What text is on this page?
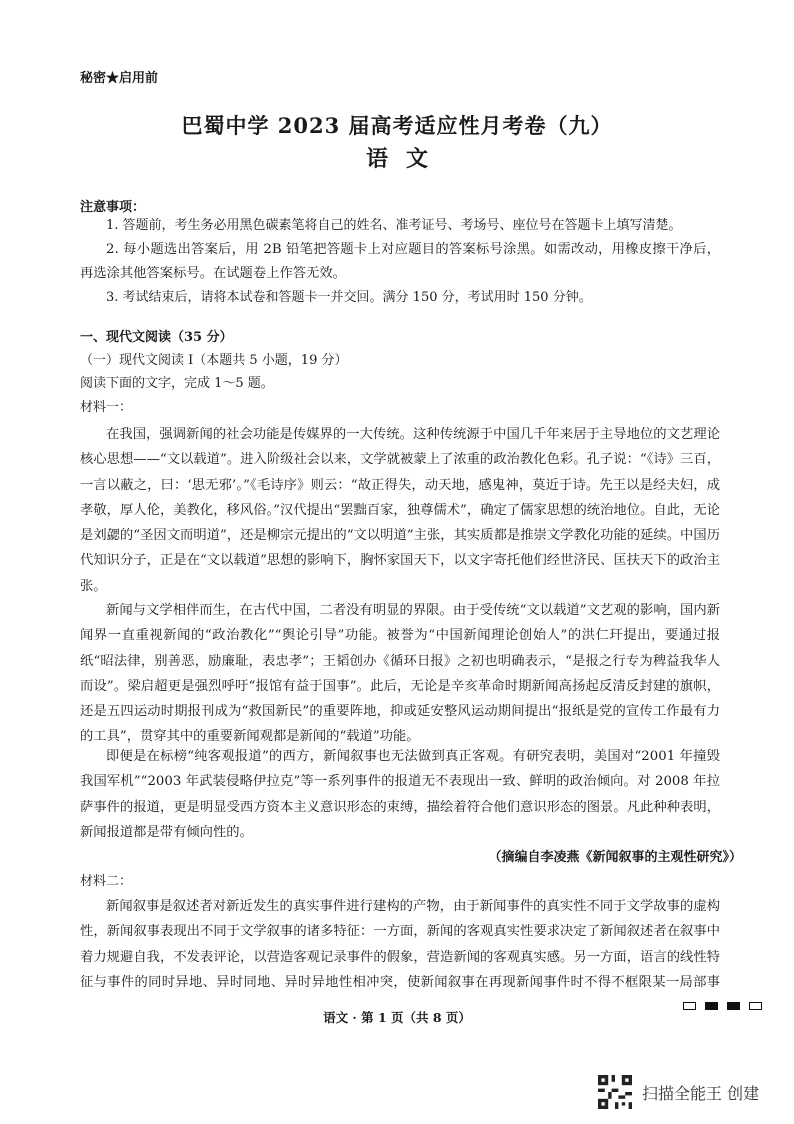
秘密★启用前
巴蜀中学 2023 届高考适应性月考卷（九）
语文
注意事项：
1. 答题前，考生务必用黑色碳素笔将自己的姓名、准考证号、考场号、座位号在答题卡上填写清楚。
2. 每小题选出答案后，用 2B 铅笔把答题卡上对应题目的答案标号涂黑。如需改动，用橡皮擦干净后，再选涂其他答案标号。在试题卷上作答无效。
3. 考试结束后，请将本试卷和答题卡一并交回。满分 150 分，考试用时 150 分钟。
一、现代文阅读（35 分）
（一）现代文阅读 Ⅰ（本题共 5 小题，19 分）
阅读下面的文字，完成 1～5 题。
材料一：
在我国，强调新闻的社会功能是传媒界的一大传统。这种传统源于中国几千年来居于主导地位的文艺理论核心思想——“文以载道”。进入阶级社会以来，文学就被蒙上了浓重的政治教化色彩。孔子说：“《诗》三百，一言以蔽之，曰：‘思无邪’。”《毛诗序》则云：“故正得失，动天地，感鬼神，莫近于诗。先王以是经夫妇，成孝敬，厚人伦，美教化，移风俗。”汉代提出“罢黜百家，独尊儒术”，确定了儒家思想的统治地位。自此，无论是刘勰的“圣因文而明道”，还是柳宗元提出的“文以明道”主张，其实质都是推崇文学教化功能的延续。中国历代知识分子，正是在“文以载道”思想的影响下，胸怀家国天下，以文字寄托他们经世济民、匡扶天下的政治主张。
新闻与文学相伴而生，在古代中国，二者没有明显的界限。由于受传统“文以载道”文艺观的影响，国内新闻界一直重视新闻的“政治教化”“舆论引导”功能。被誉为“中国新闻理论创始人”的洪仁玕提出，要通过报纸“昭法律，别善恶，励廉耻，表忠孝”；王韬创办《循环日报》之初也明确表示，“是报之行专为稗益我华人而设”。梁启超更是强烈呼吁“报馆有益于国事”。此后，无论是辛亥革命时期新闻高扬起反清反封建的旗帜，还是五四运动时期报刊成为“救国新民”的重要阵地，抑或延安整风运动期间提出“报纸是党的宣传工作最有力的工具”，贯穿其中的重要新闻观都是新闻的“载道”功能。
即便是在标榜“纯客观报道”的西方，新闻叙事也无法做到真正客观。有研究表明，美国对“2001 年撞毁我国军机”“2003 年武装侵略伊拉克”等一系列事件的报道无不表现出一致、鲜明的政治倾向。对 2008 年拉萨事件的报道，更是明显受西方资本主义意识形态的束缚，描绘着符合他们意识形态的图景。凡此种种表明，新闻报道都是带有倾向性的。
（摘编自李凌燕《新闻叙事的主观性研究》）
材料二：
新闻叙事是叙述者对新近发生的真实事件进行建构的产物，由于新闻事件的真实性不同于文学故事的虚构性，新闻叙事表现出不同于文学叙事的诸多特征：一方面，新闻的客观真实性要求决定了新闻叙述者在叙事中着力规避自我，不发表评论，以营造客观记录事件的假象，营造新闻的客观真实感。另一方面，语言的线性特征与事件的同时异地、异时同地、异时异地性相冲突，使新闻叙事在再现新闻事件时不得不框限某一局部事
语文 · 第 1 页（共 8 页）
扫描全能王 创建
